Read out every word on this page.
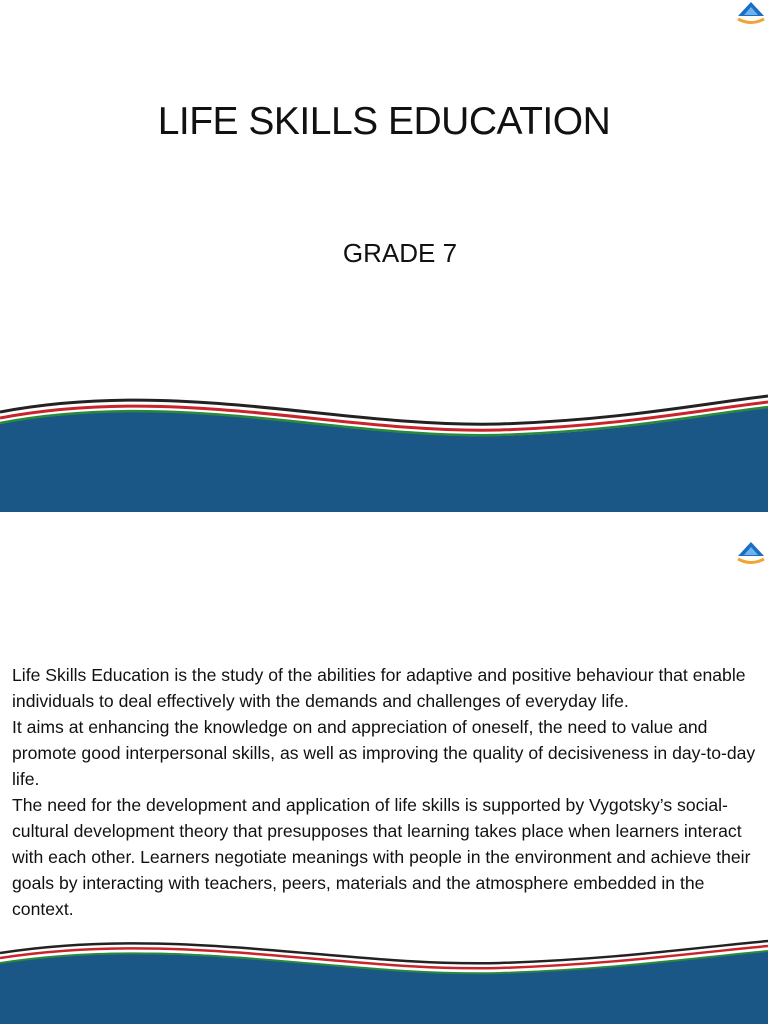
LIFE SKILLS EDUCATION
GRADE 7

Life Skills Education is the study of the abilities for adaptive and positive behaviour that enable individuals to deal effectively with the demands and challenges of everyday life.

It aims at enhancing the knowledge on and appreciation of oneself, the need to value and promote good interpersonal skills, as well as improving the quality of decisiveness in day-to-day life.

The need for the development and application of life skills is supported by Vygotsky’s social-cultural development theory that presupposes that learning takes place when learners interact with each other. Learners negotiate meanings with people in the environment and achieve their goals by interacting with teachers, peers, materials and the atmosphere embedded in the context.
